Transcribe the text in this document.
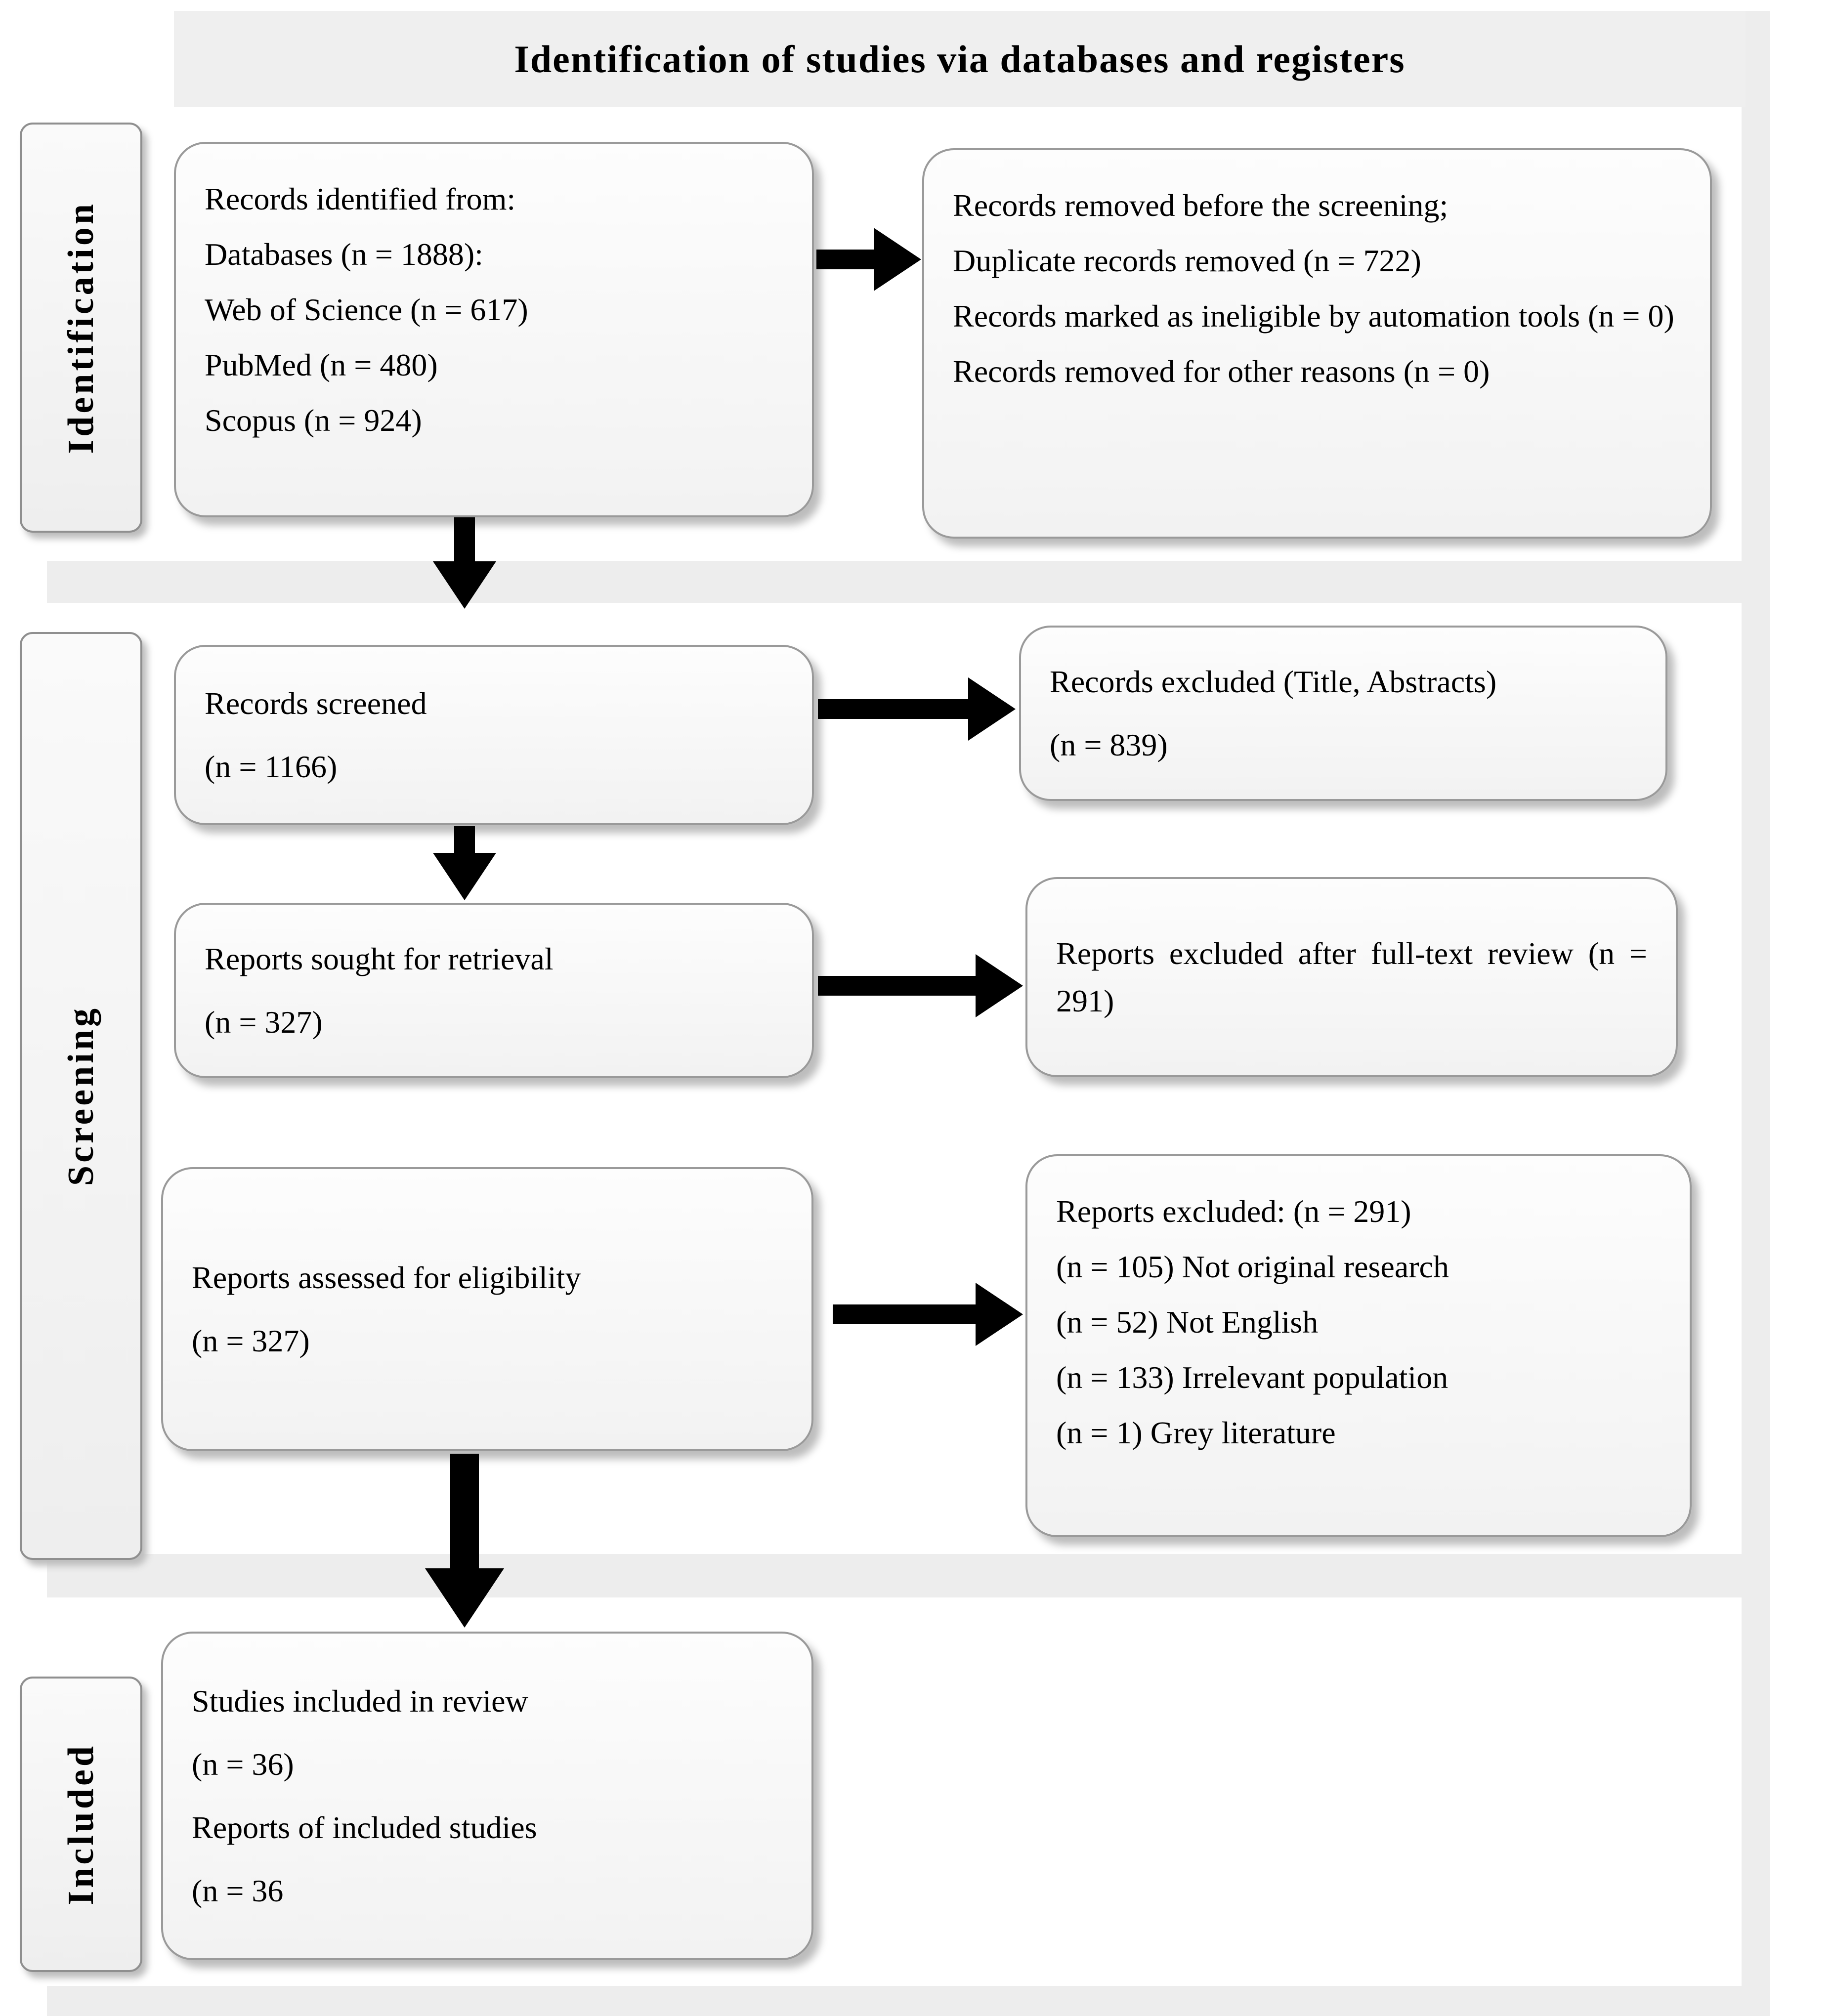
Identification of studies via databases and registers
Identification
Screening
Included
Records identified from:
Databases (n = 1888):
Web of Science (n = 617)
PubMed (n = 480)
Scopus (n = 924)
Records removed before the screening;
Duplicate records removed (n = 722)
Records marked as ineligible by automation tools (n = 0)
Records removed for other reasons (n = 0)
Records screened
(n = 1166)
Records excluded (Title, Abstracts)
(n = 839)
Reports sought for retrieval
(n = 327)
Reports excluded after full-text review (n = 291)
Reports assessed for eligibility
(n = 327)
Reports excluded: (n = 291)
(n = 105) Not original research
(n = 52) Not English
(n = 133) Irrelevant population
(n = 1) Grey literature
Studies included in review
(n = 36)
Reports of included studies
(n = 36
